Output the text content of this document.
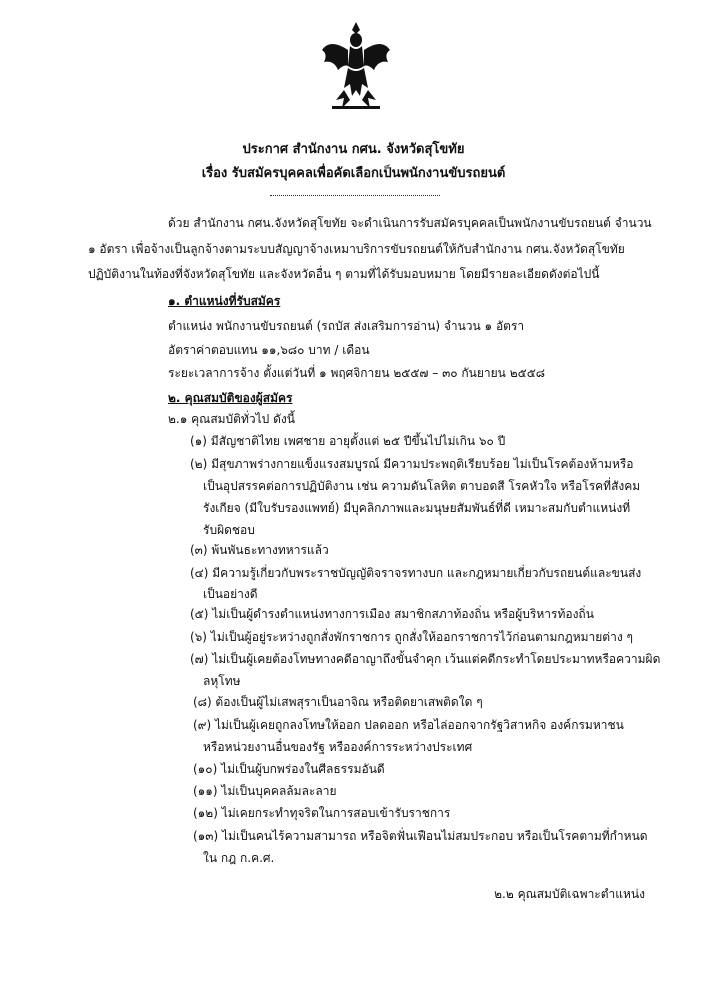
ประกาศ สำนักงาน กศน. จังหวัดสุโขทัย
เรื่อง รับสมัครบุคคลเพื่อคัดเลือกเป็นพนักงานขับรถยนต์
ด้วย สำนักงาน กศน.จังหวัดสุโขทัย จะดำเนินการรับสมัครบุคคลเป็นพนักงานขับรถยนต์ จำนวน
๑ อัตรา เพื่อจ้างเป็นลูกจ้างตามระบบสัญญาจ้างเหมาบริการขับรถยนต์ให้กับสำนักงาน กศน.จังหวัดสุโขทัย
ปฏิบัติงานในท้องที่จังหวัดสุโขทัย และจังหวัดอื่น ๆ ตามที่ได้รับมอบหมาย โดยมีรายละเอียดดังต่อไปนี้
๑. ตำแหน่งที่รับสมัคร
ตำแหน่ง พนักงานขับรถยนต์ (รถบัส ส่งเสริมการอ่าน) จำนวน ๑ อัตรา
อัตราค่าตอบแทน ๑๑,๖๘๐ บาท / เดือน
ระยะเวลาการจ้าง ตั้งแต่วันที่ ๑ พฤศจิกายน ๒๕๕๗ – ๓๐ กันยายน ๒๕๕๘
๒. คุณสมบัติของผู้สมัคร
๒.๑ คุณสมบัติทั่วไป ดังนี้
(๑) มีสัญชาติไทย เพศชาย อายุตั้งแต่ ๒๕ ปีขึ้นไปไม่เกิน ๖๐ ปี
(๒) มีสุขภาพร่างกายแข็งแรงสมบูรณ์ มีความประพฤติเรียบร้อย ไม่เป็นโรคต้องห้ามหรือ
เป็นอุปสรรคต่อการปฏิบัติงาน เช่น ความดันโลหิต ตาบอดสี โรคหัวใจ หรือโรคที่สังคม
รังเกียจ (มีใบรับรองแพทย์) มีบุคลิกภาพและมนุษยสัมพันธ์ที่ดี เหมาะสมกับตำแหน่งที่
รับผิดชอบ
(๓) พ้นพันธะทางทหารแล้ว
(๔) มีความรู้เกี่ยวกับพระราชบัญญัติจราจรทางบก และกฎหมายเกี่ยวกับรถยนต์และขนส่ง
เป็นอย่างดี
(๕) ไม่เป็นผู้ดำรงตำแหน่งทางการเมือง สมาชิกสภาท้องถิ่น หรือผู้บริหารท้องถิ่น
(๖) ไม่เป็นผู้อยู่ระหว่างถูกสั่งพักราชการ ถูกสั่งให้ออกราชการไว้ก่อนตามกฎหมายต่าง ๆ
(๗) ไม่เป็นผู้เคยต้องโทษทางคดีอาญาถึงขั้นจำคุก เว้นแต่คดีกระทำโดยประมาทหรือความผิด
ลหุโทษ
(๘) ต้องเป็นผู้ไม่เสพสุราเป็นอาจิณ หรือติดยาเสพติดใด ๆ
(๙) ไม่เป็นผู้เคยถูกลงโทษให้ออก ปลดออก หรือไล่ออกจากรัฐวิสาหกิจ องค์กรมหาชน
หรือหน่วยงานอื่นของรัฐ หรือองค์การระหว่างประเทศ
(๑๐) ไม่เป็นผู้บกพร่องในศีลธรรมอันดี
(๑๑) ไม่เป็นบุคคลล้มละลาย
(๑๒) ไม่เคยกระทำทุจริตในการสอบเข้ารับราชการ
(๑๓) ไม่เป็นคนไร้ความสามารถ หรือจิตฟั่นเฟือนไม่สมประกอบ หรือเป็นโรคตามที่กำหนด
ใน กฎ ก.ค.ศ.
๒.๒ คุณสมบัติเฉพาะตำแหน่ง
